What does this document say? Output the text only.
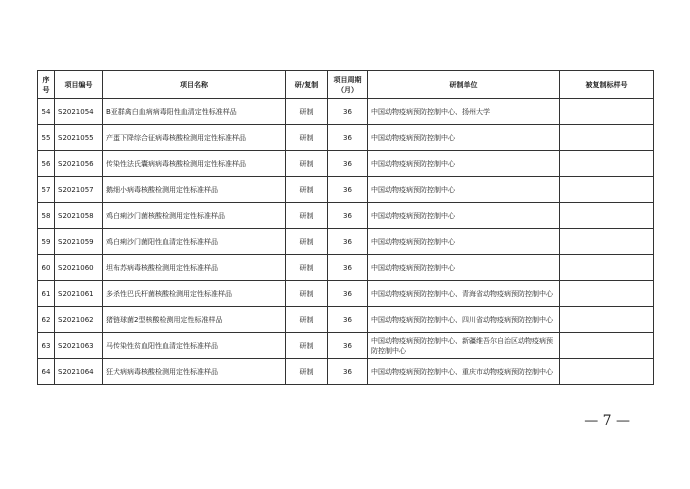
序号	项目编号	项目名称	研/复制	项目周期（月）	研制单位	被复制标样号
54	S2021054	B亚群禽白血病病毒阳性血清定性标准样品	研制	36	中国动物疫病预防控制中心、扬州大学	
55	S2021055	产蛋下降综合征病毒核酸检测用定性标准样品	研制	36	中国动物疫病预防控制中心	
56	S2021056	传染性法氏囊病病毒核酸检测用定性标准样品	研制	36	中国动物疫病预防控制中心	
57	S2021057	鹅细小病毒核酸检测用定性标准样品	研制	36	中国动物疫病预防控制中心	
58	S2021058	鸡白痢沙门菌核酸检测用定性标准样品	研制	36	中国动物疫病预防控制中心	
59	S2021059	鸡白痢沙门菌阳性血清定性标准样品	研制	36	中国动物疫病预防控制中心	
60	S2021060	坦布苏病毒核酸检测用定性标准样品	研制	36	中国动物疫病预防控制中心	
61	S2021061	多杀性巴氏杆菌核酸检测用定性标准样品	研制	36	中国动物疫病预防控制中心、青海省动物疫病预防控制中心	
62	S2021062	猪链球菌2型核酸检测用定性标准样品	研制	36	中国动物疫病预防控制中心、四川省动物疫病预防控制中心	
63	S2021063	马传染性贫血阳性血清定性标准样品	研制	36	中国动物疫病预防控制中心、新疆维吾尔自治区动物疫病预防控制中心	
64	S2021064	狂犬病病毒核酸检测用定性标准样品	研制	36	中国动物疫病预防控制中心、重庆市动物疫病预防控制中心	
— 7 —
